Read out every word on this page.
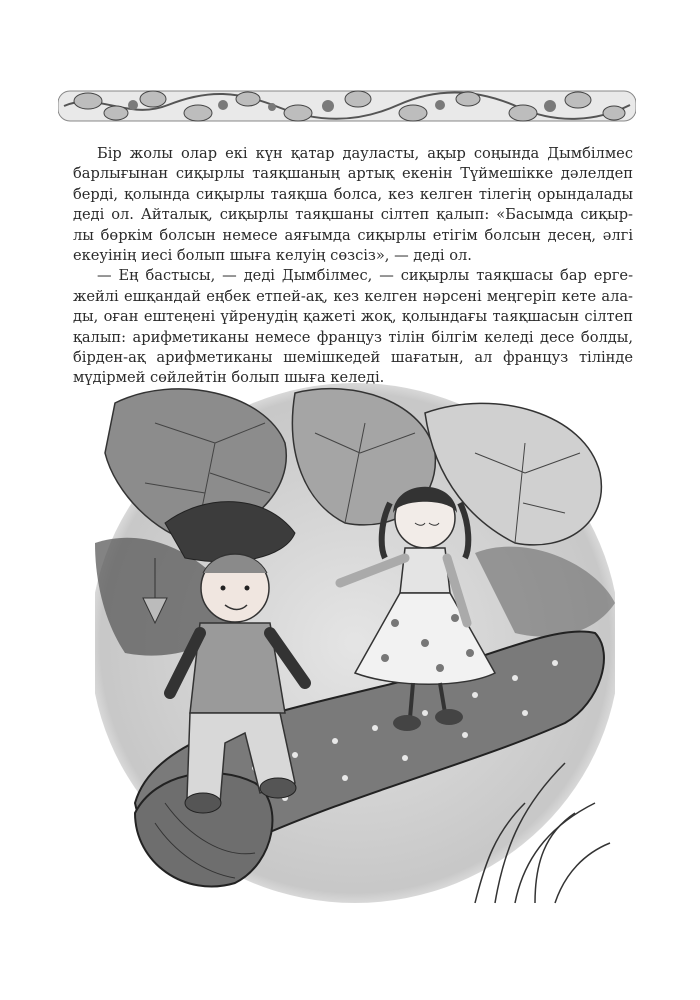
Бір жолы олар екі күн қатар дауласты, ақыр соңында Дымбілмес
барлығынан сиқырлы таяқшаның артық екенін Түймешікке дәлелдеп
берді, қолында сиқырлы таяқша болса, кез келген тілегің орындалады
деді ол. Айталық, сиқырлы таяқшаны сілтеп қалып: «Басымда сиқыр-
лы бөркім болсын немесе аяғымда сиқырлы етігім болсын десең, әлгі
екеуінің иесі болып шыға келуің сөзсіз», — деді ол.

— Ең бастысы, — деді Дымбілмес, — сиқырлы таяқшасы бар ерге-
жейлі ешқандай еңбек етпей-ақ, кез келген нәрсені меңгеріп кете ала-
ды, оған ештеңені үйренудің қажеті жоқ, қолындағы таяқшасын сілтеп
қалып: арифметиканы немесе француз тілін білгім келеді десе болды,
бірден-ақ арифметиканы шемішкедей шағатын, ал француз тілінде
мүдірмей сөйлейтін болып шыға келеді.
